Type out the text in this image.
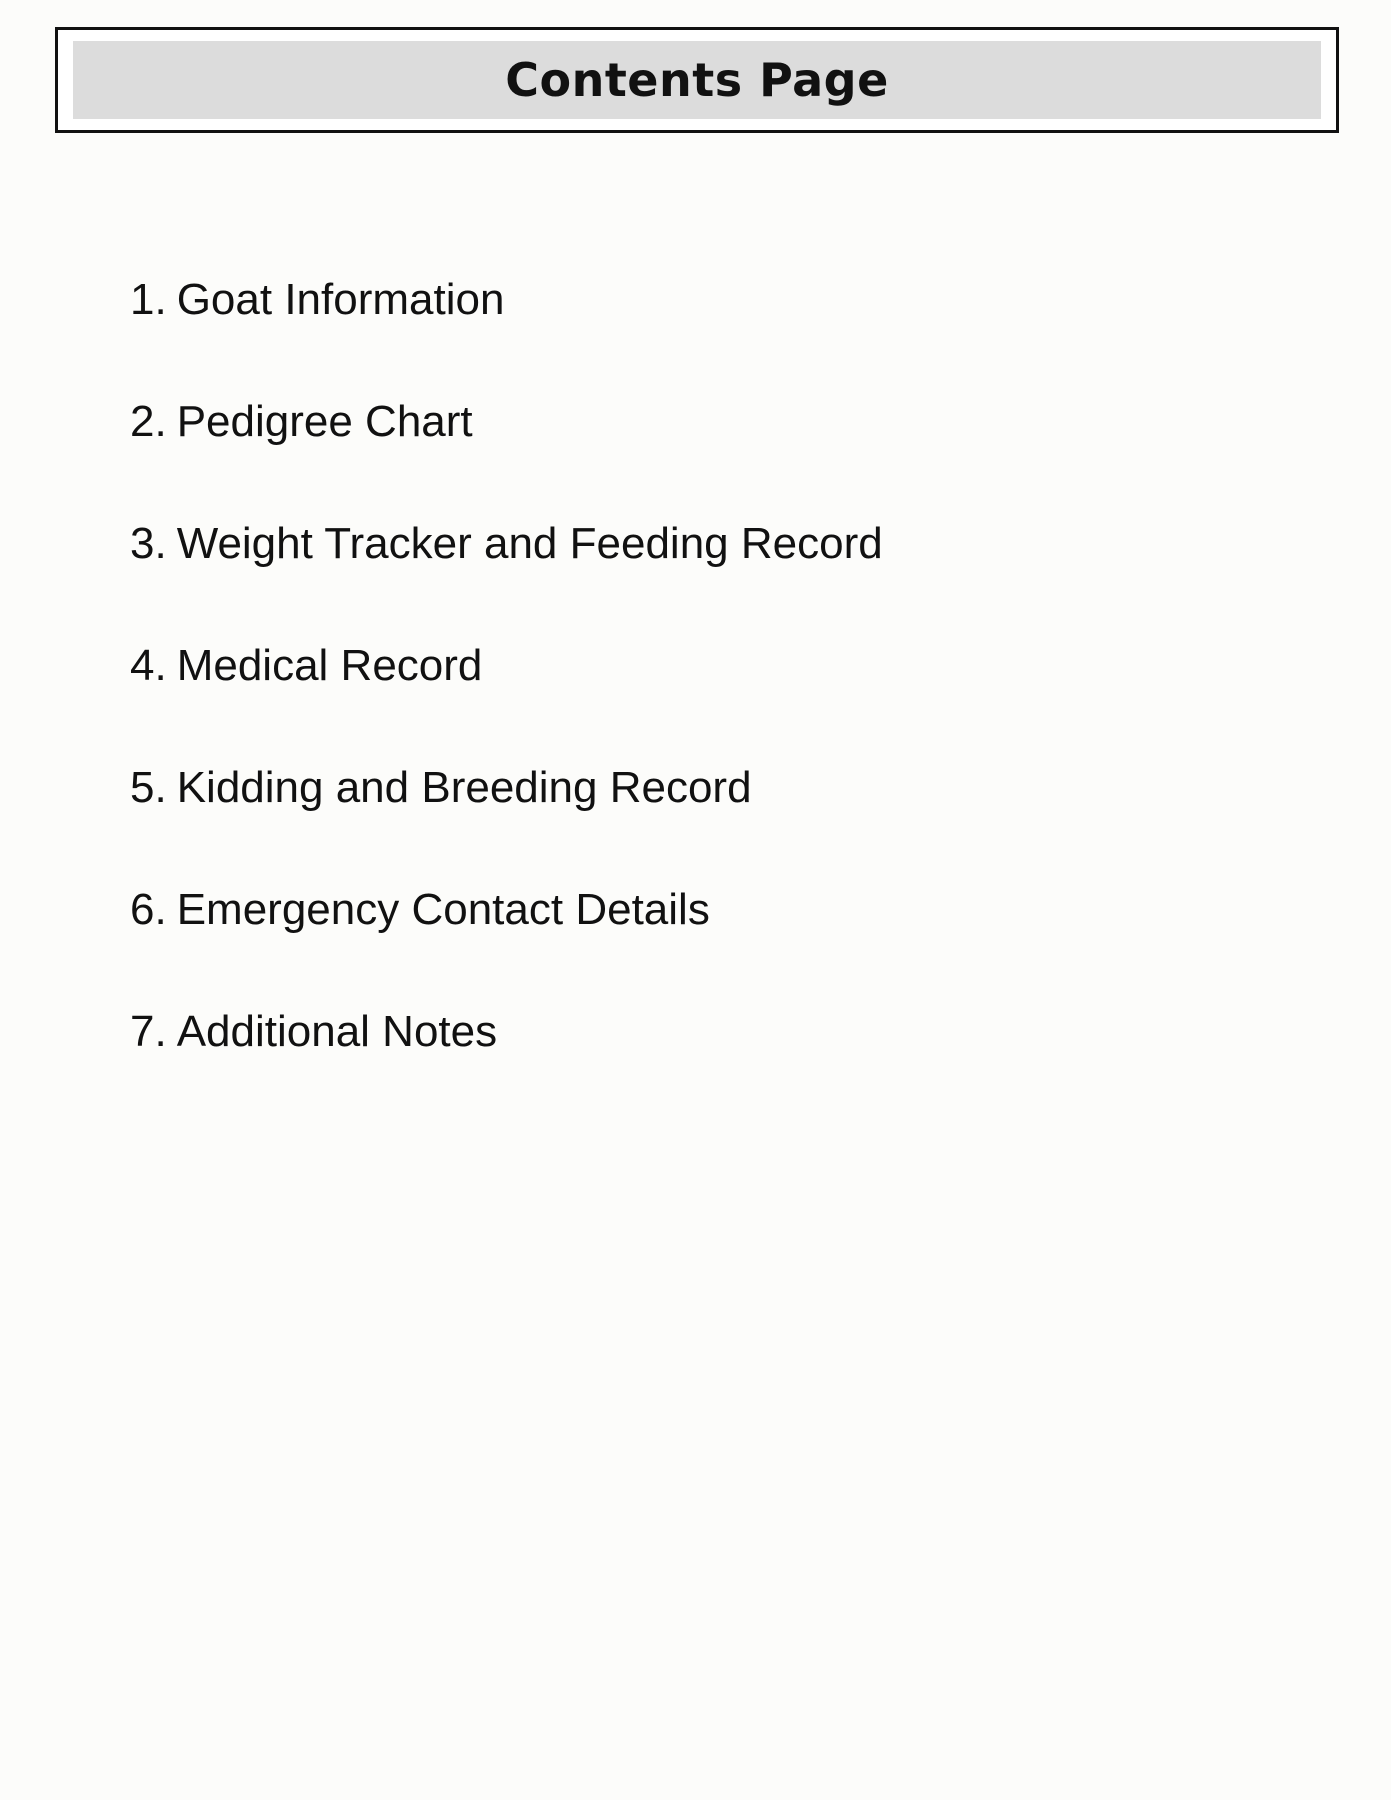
Contents Page
1. Goat Information
2. Pedigree Chart
3. Weight Tracker and Feeding Record
4. Medical Record
5. Kidding and Breeding Record
6. Emergency Contact Details
7. Additional Notes
